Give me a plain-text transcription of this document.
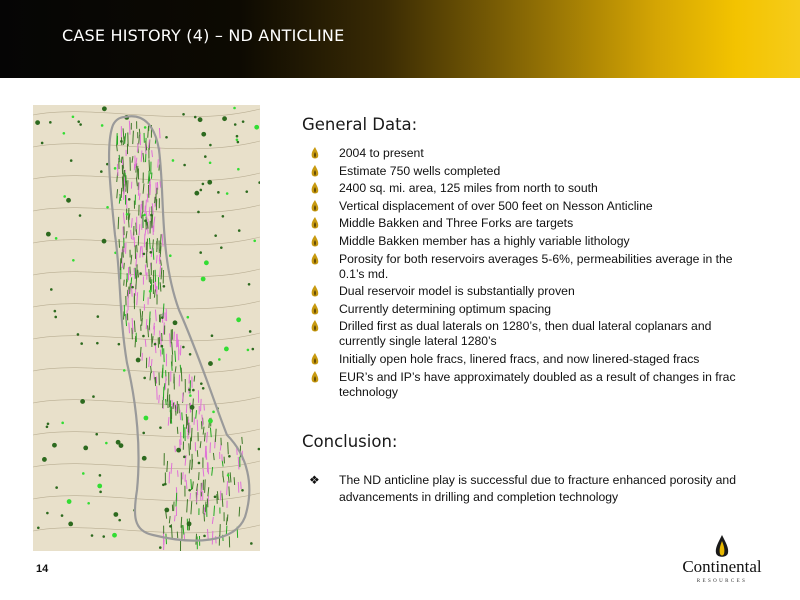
CASE HISTORY (4) – ND ANTICLINE
General Data:
2004 to present
Estimate 750 wells completed
2400 sq. mi. area, 125 miles from north to south
Vertical displacement of over 500 feet on Nesson Anticline
Middle Bakken and Three Forks are targets
Middle Bakken member has a highly variable lithology
Porosity for both reservoirs averages 5-6%, permeabilities average in the 0.1’s md.
Dual reservoir model is substantially proven
Currently determining optimum spacing
Drilled first as dual laterals on 1280’s, then dual lateral coplanars and currently single lateral 1280’s
Initially open hole fracs, linered fracs, and now linered-staged fracs
EUR’s and IP’s have approximately doubled as a result of changes in frac technology
Conclusion:
❖	The ND anticline play is successful due to fracture enhanced porosity and advancements in drilling and completion technology
14	Continental
RESOURCES
